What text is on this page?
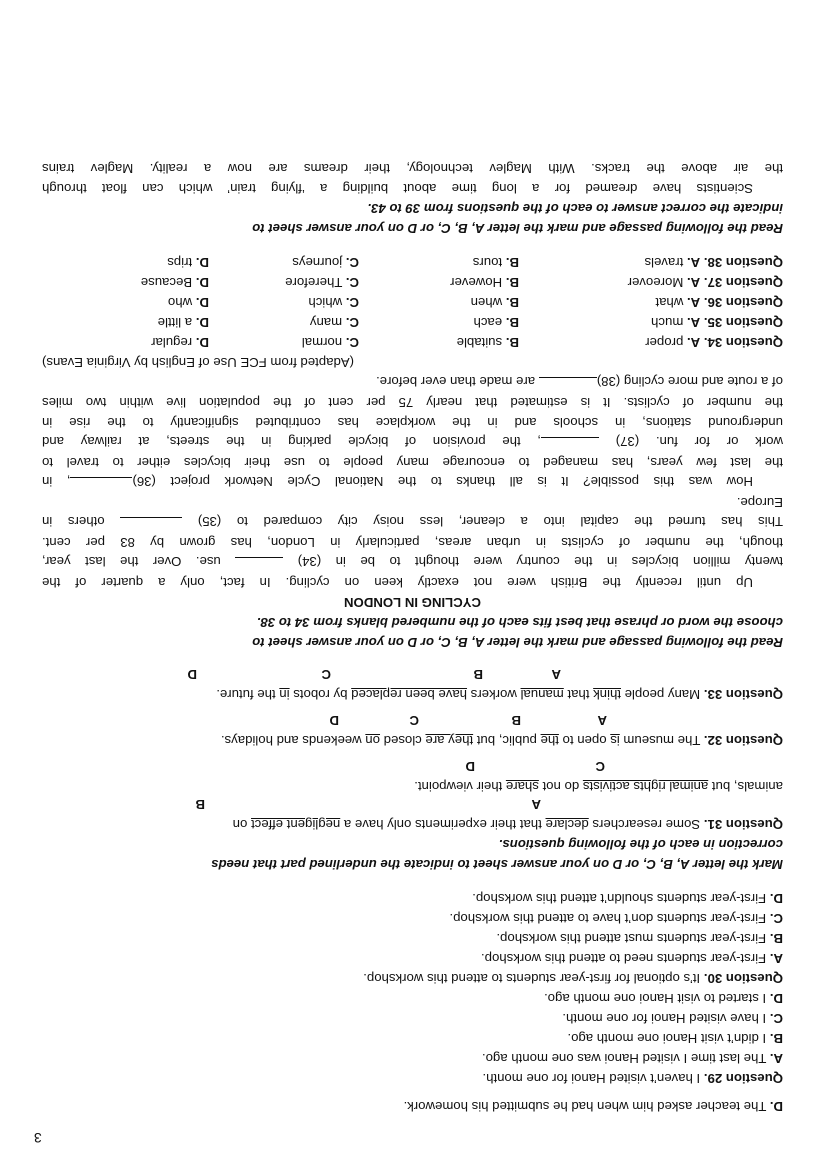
3
D. The teacher asked him when had he submitted his homework.
Question 29. I haven’t visited Hanoi for one month.
A. The last time I visited Hanoi was one month ago.
B. I didn’t visit Hanoi one month ago.
C. I have visited Hanoi for one month.
D. I started to visit Hanoi one month ago.
Question 30. It’s optional for first-year students to attend this workshop.
A. First-year students need to attend this workshop.
B. First-year students must attend this workshop.
C. First-year students don’t have to attend this workshop.
D. First-year students shouldn’t attend this workshop.
Mark the letter A, B, C, or D on your answer sheet to indicate the underlined part that needs
correction in each of the following questions.
Question 31. Some researchers declare that their experiments only have a negligent effect on
A
B
animals, but animal rights activists do not share their viewpoint.
C
D
Question 32. The museum is open to the public, but they are closed on weekends and holidays.
A
B
C
D
Question 33. Many people think that manual workers have been replaced by robots in the future.
A
B
C
D
Read the following passage and mark the letter A, B, C, or D on your answer sheet to
choose the word or phrase that best fits each of the numbered blanks from 34 to 38.
CYCLING IN LONDON
Up until recently the British were not exactly keen on cycling. In fact, only a quarter of the
twenty million bicycles in the country were thought to be in (34)  use. Over the last year,
though, the number of cyclists in urban areas, particularly in London, has grown by 83 per cent.
This has turned the capital into a cleaner, less noisy city compared to (35)  others in
Europe.
How was this possible? It is all thanks to the National Cycle Network project (36), in
the last few years, has managed to encourage many people to use their bicycles either to travel to
work or for fun. (37) , the provision of bicycle parking in the streets, at railway and
underground stations, in schools and in the workplace has contributed significantly to the rise in
the number of cyclists. It is estimated that nearly 75 per cent of the population live within two miles
of a route and more cycling (38) are made than ever before.
(Adapted from FCE Use of English by Virginia Evans)
Question 34. A. proper
B. suitable
C. normal
D. regular
Question 35. A. much
B. each
C. many
D. a little
Question 36. A. what
B. when
C. which
D. who
Question 37. A. Moreover
B. However
C. Therefore
D. Because
Question 38. A. travels
B. tours
C. journeys
D. trips
Read the following passage and mark the letter A, B, C, or D on your answer sheet to
indicate the correct answer to each of the questions from 39 to 43.
Scientists have dreamed for a long time about building a ‘flying train’ which can float through
the air above the tracks. With Maglev technology, their dreams are now a reality. Maglev trains
